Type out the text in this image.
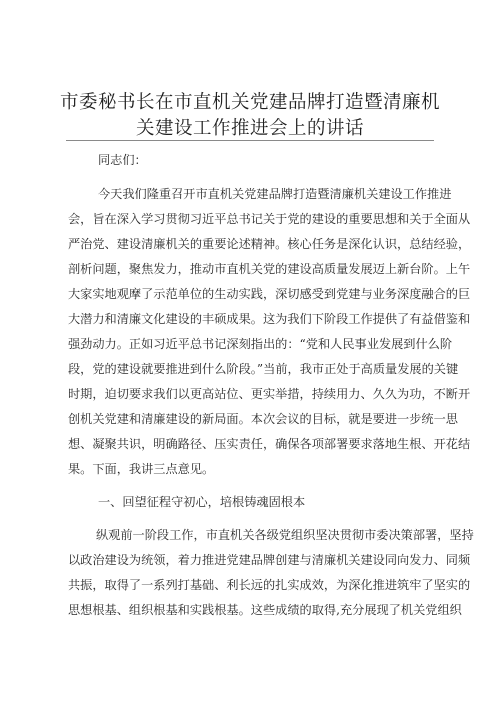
市委秘书长在市直机关党建品牌打造暨清廉机
关建设工作推进会上的讲话
同志们：
今天我们隆重召开市直机关党建品牌打造暨清廉机关建设工作推进
会，旨在深入学习贯彻习近平总书记关于党的建设的重要思想和关于全面从
严治党、建设清廉机关的重要论述精神。核心任务是深化认识，总结经验，
剖析问题，聚焦发力，推动市直机关党的建设高质量发展迈上新台阶。上午
大家实地观摩了示范单位的生动实践，深切感受到党建与业务深度融合的巨
大潜力和清廉文化建设的丰硕成果。这为我们下阶段工作提供了有益借鉴和
强劲动力。正如习近平总书记深刻指出的：“党和人民事业发展到什么阶
段，党的建设就要推进到什么阶段。”当前，我市正处于高质量发展的关键
时期，迫切要求我们以更高站位、更实举措，持续用力、久久为功，不断开
创机关党建和清廉建设的新局面。本次会议的目标，就是要进一步统一思
想、凝聚共识，明确路径、压实责任，确保各项部署要求落地生根、开花结
果。下面，我讲三点意见。
一、回望征程守初心，培根铸魂固根本
纵观前一阶段工作，市直机关各级党组织坚决贯彻市委决策部署，坚持
以政治建设为统领，着力推进党建品牌创建与清廉机关建设同向发力、同频
共振，取得了一系列打基础、利长远的扎实成效，为深化推进筑牢了坚实的
思想根基、组织根基和实践根基。这些成绩的取得,充分展现了机关党组织
